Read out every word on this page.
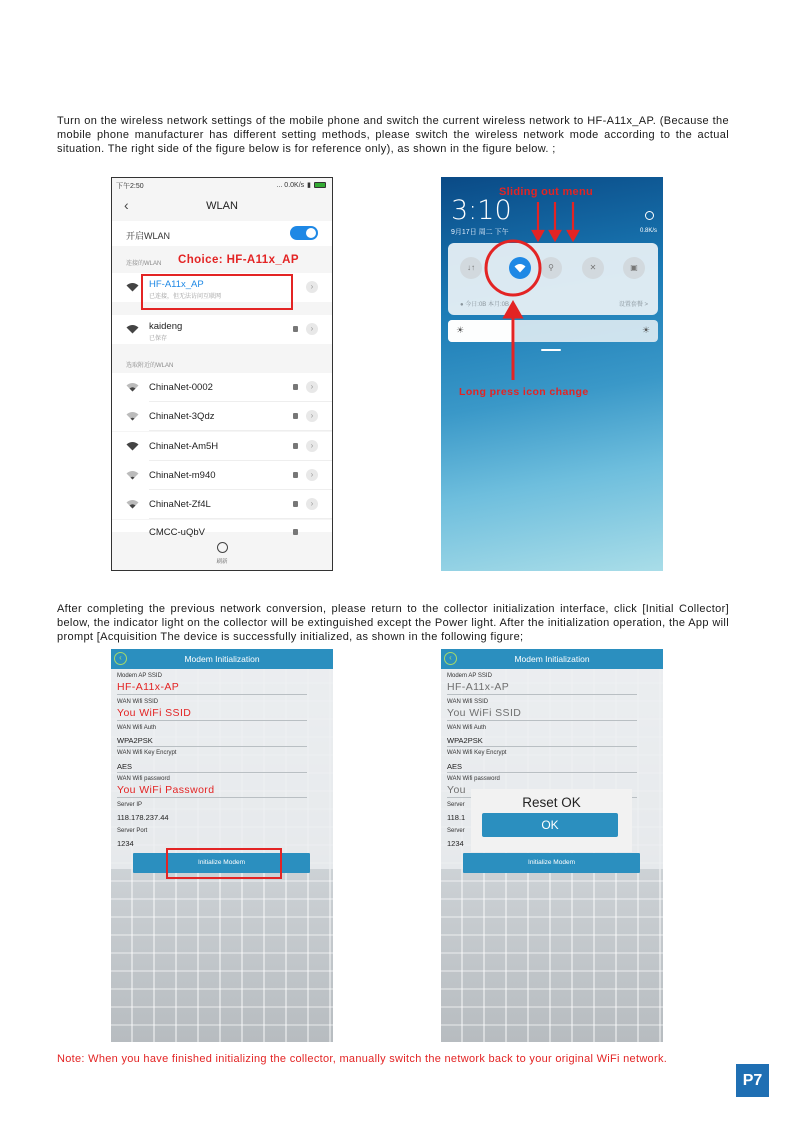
Turn on the wireless network settings of the mobile phone and switch the current wireless network to HF-A11x_AP. (Because the mobile phone manufacturer has different setting methods, please switch the wireless network mode according to the actual situation. The right side of the figure below is for reference only), as shown in the figure below. ;

下午2:50	... 0.0K/s ▮
‹	WLAN
开启WLAN
连接的WLAN Choice: HF-A11x_AP
HF-A11x_AP
已连接，但无法访问互联网
›
kaideng
已保存
›
选取附近的WLAN
ChinaNet-0002	›
ChinaNet-3Qdz	›
ChinaNet-Am5H	›
ChinaNet-m940	›
ChinaNet-Zf4L	›
CMCC-uQbV

刷新
Sliding out menu
3:10
9月17日 周二 下午	0.8K/s
↓↑	⚲	✕	▣
● 今日:0B 本月:0B	设置套餐 >
☀	☀
Long press icon change

After completing the previous network conversion, please return to the collector initialization interface, click [Initial Collector] below, the indicator light on the collector will be extinguished except the Power light. After the initialization operation, the App will prompt [Acquisition The device is successfully initialized, as shown in the following figure;

‹	Modem Initialization
Modem AP SSID
HF-A11x-AP
WAN Wifi SSID
You WiFi SSID
WAN Wifi Auth
WPA2PSK
WAN Wifi Key Encrypt
AES
WAN Wifi password
You WiFi Password
Server IP
118.178.237.44
Server Port
1234
Initialize Modem
‹	Modem Initialization
Modem AP SSID
HF-A11x-AP
WAN Wifi SSID
You WiFi SSID
WAN Wifi Auth
WPA2PSK
WAN Wifi Key Encrypt
AES
WAN Wifi password
You
Server
118.1
Server
1234
Initialize Modem
Reset OK
OK

Note: When you have finished initializing the collector, manually switch the network back to your original WiFi network.

P7
